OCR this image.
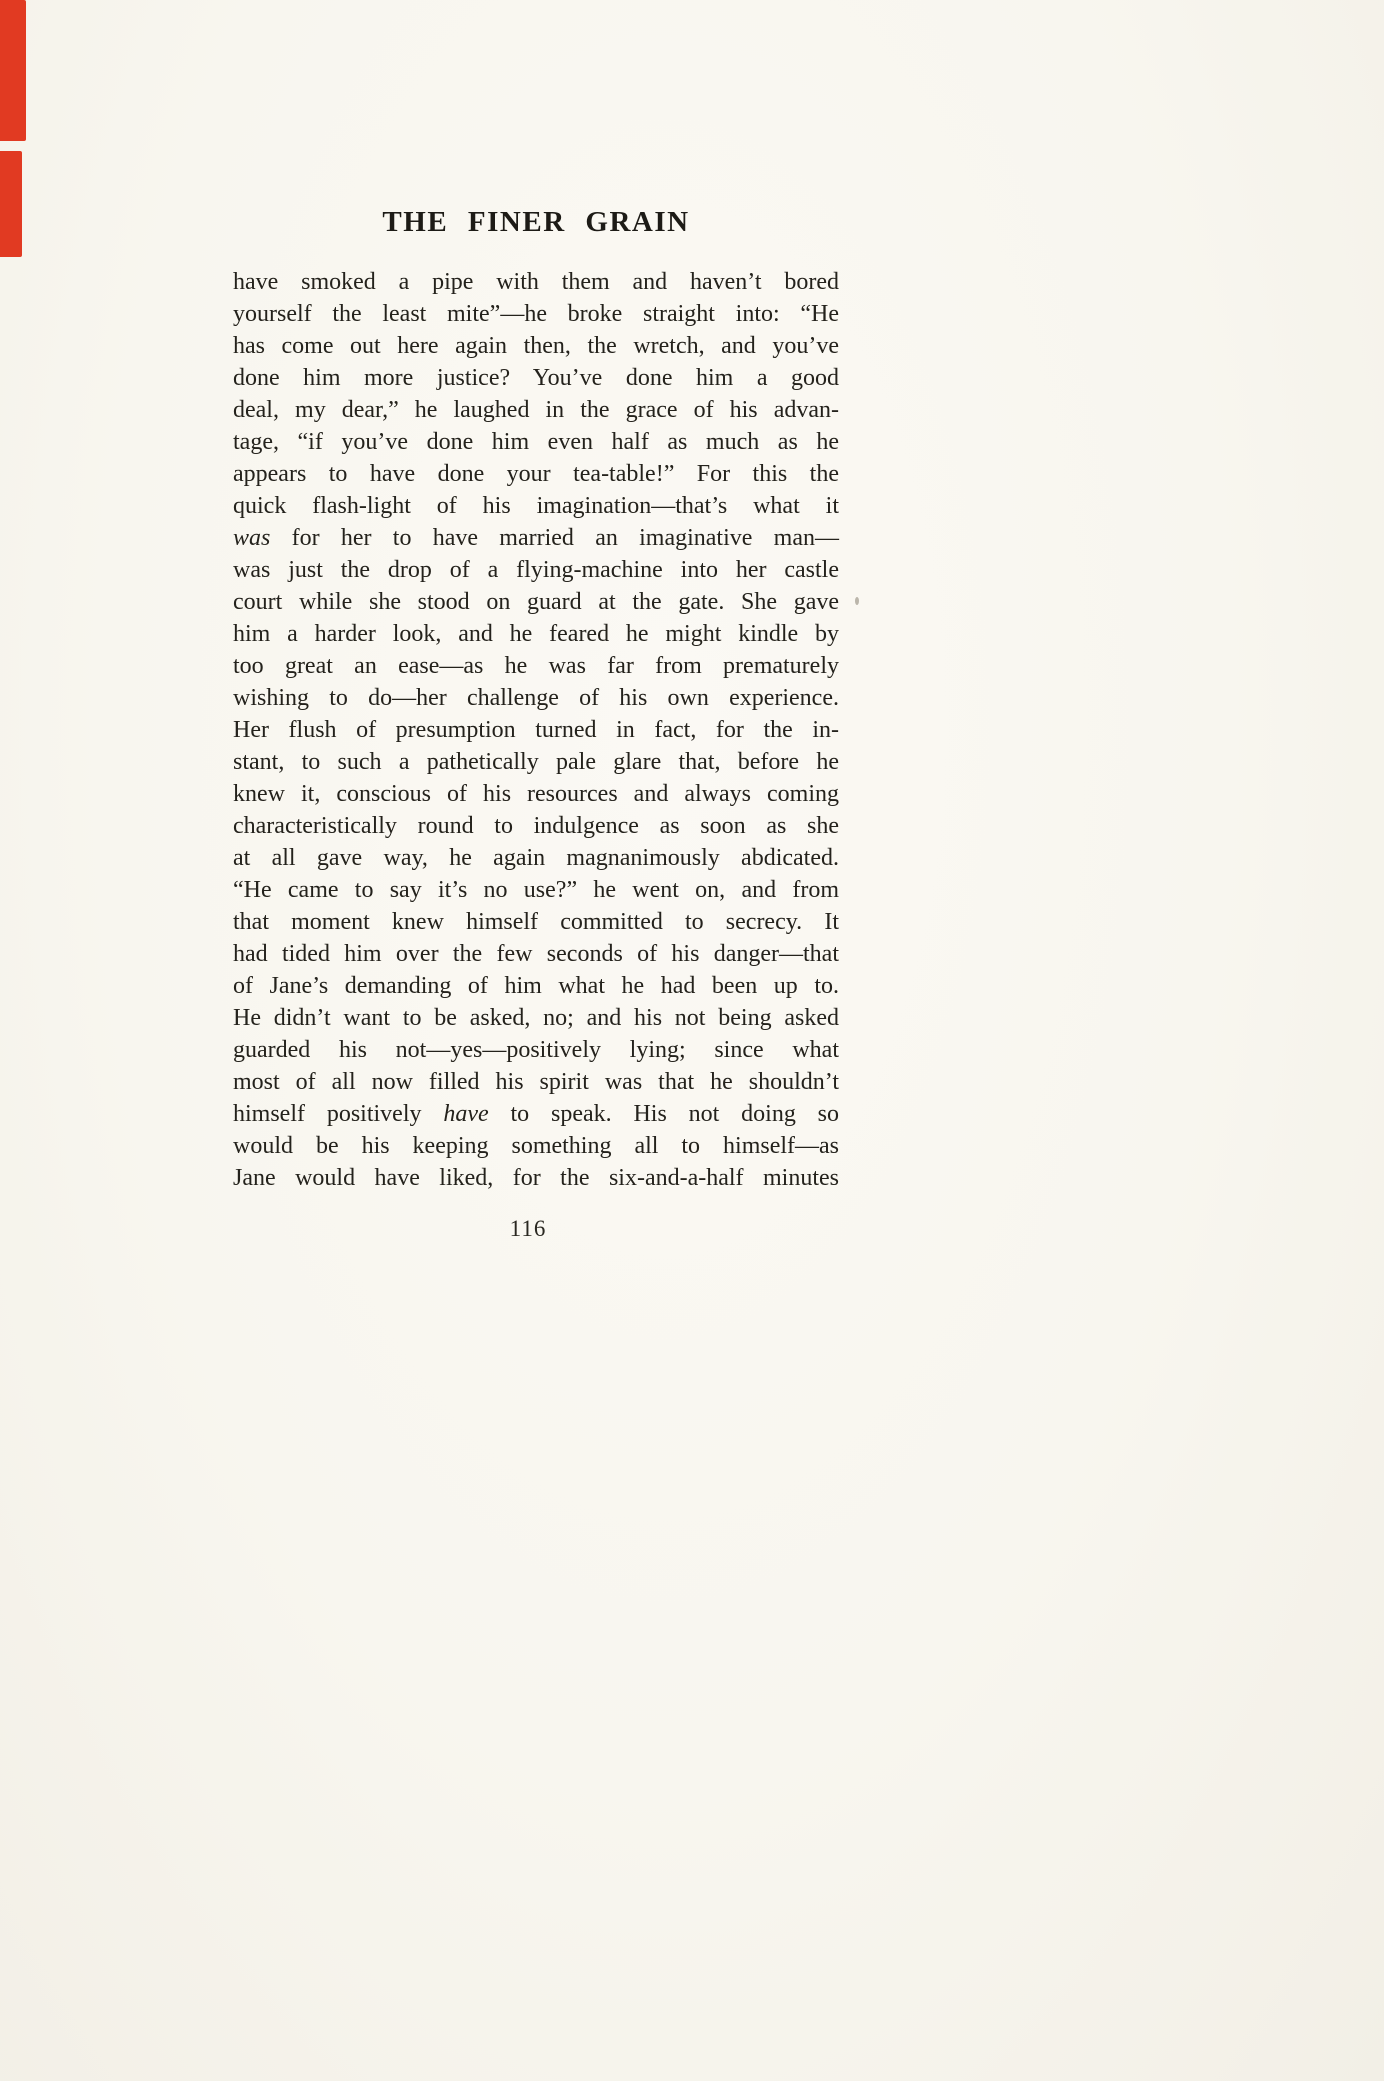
THE FINER GRAIN
have smoked a pipe with them and haven’t bored
yourself the least mite”—he broke straight into: “He
has come out here again then, the wretch, and you’ve
done him more justice? You’ve done him a good
deal, my dear,” he laughed in the grace of his advan-
tage, “if you’ve done him even half as much as he
appears to have done your tea-table!” For this the
quick flash-light of his imagination—that’s what it
was for her to have married an imaginative man—
was just the drop of a flying-machine into her castle
court while she stood on guard at the gate. She gave
him a harder look, and he feared he might kindle by
too great an ease—as he was far from prematurely
wishing to do—her challenge of his own experience.
Her flush of presumption turned in fact, for the in-
stant, to such a pathetically pale glare that, before he
knew it, conscious of his resources and always coming
characteristically round to indulgence as soon as she
at all gave way, he again magnanimously abdicated.
“He came to say it’s no use?” he went on, and from
that moment knew himself committed to secrecy. It
had tided him over the few seconds of his danger—that
of Jane’s demanding of him what he had been up to.
He didn’t want to be asked, no; and his not being asked
guarded his not—yes—positively lying; since what
most of all now filled his spirit was that he shouldn’t
himself positively have to speak. His not doing so
would be his keeping something all to himself—as
Jane would have liked, for the six-and-a-half minutes
116
